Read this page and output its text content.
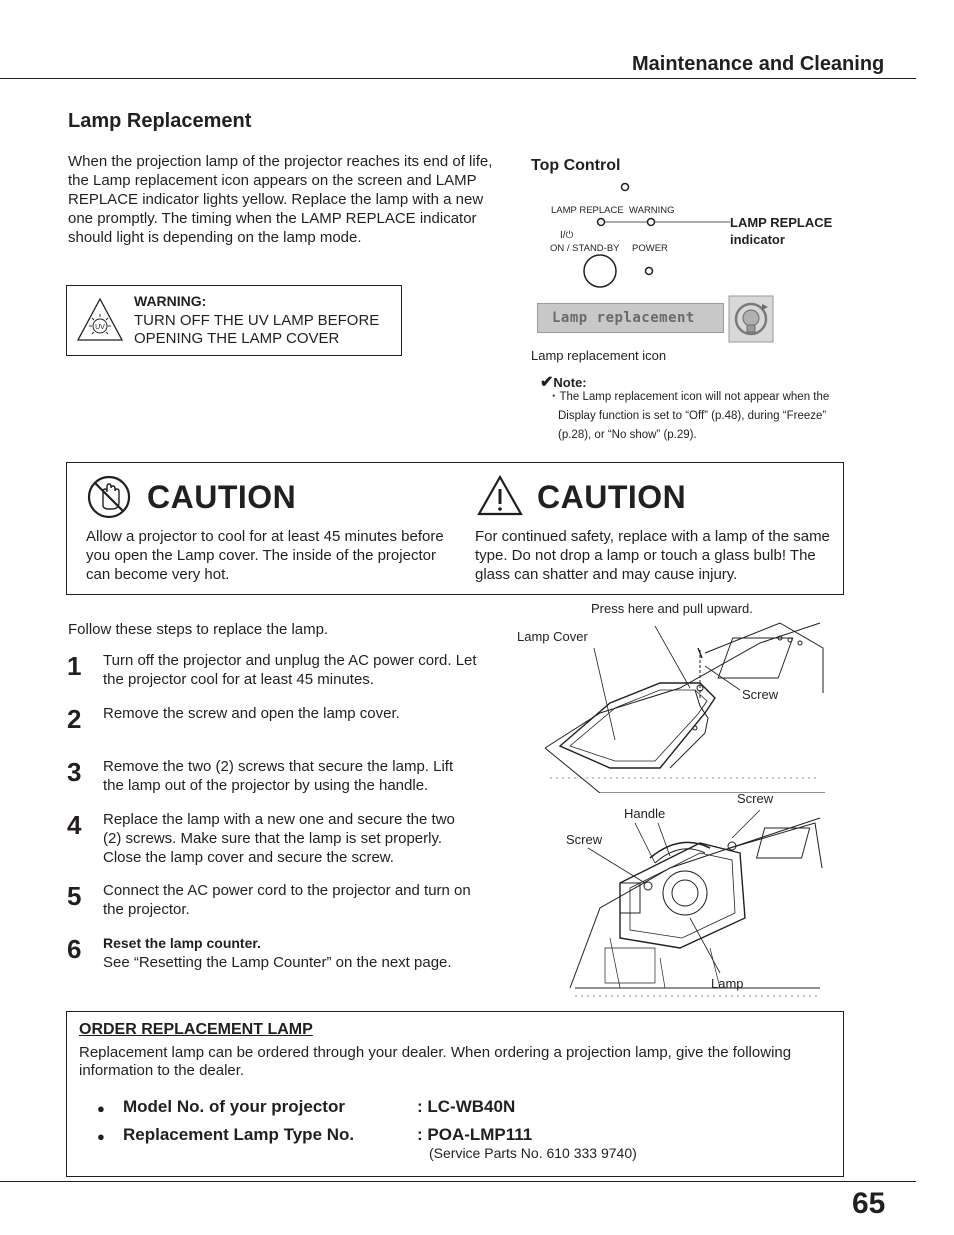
Maintenance and Cleaning
Lamp Replacement
When the projection lamp of the projector reaches its end of life, the Lamp replacement icon appears on the screen and LAMP REPLACE indicator lights yellow. Replace the lamp with a new one promptly. The timing when the LAMP REPLACE indicator should light is depending on the lamp mode.
UV
WARNING:
TURN OFF THE UV LAMP BEFORE
OPENING THE LAMP COVER
Top Control
LAMP REPLACE WARNING
I/⏻
ON / STAND-BY POWER
LAMP REPLACE
indicator
Lamp replacement
Lamp replacement icon
✔Note:
・The Lamp replacement icon will not appear when the
Display function is set to “Off” (p.48), during “Freeze”
(p.28), or “No show” (p.29).
CAUTION	CAUTION
Allow a projector to cool for at least 45 minutes before you open the Lamp cover. The inside of the projector can become very hot.
For continued safety, replace with a lamp of the same type. Do not drop a lamp or touch a glass bulb! The glass can shatter and may cause injury.
Follow these steps to replace the lamp.
1 Turn off the projector and unplug the AC power cord. Let the projector cool for at least 45 minutes.
2 Remove the screw and open the lamp cover.
3 Remove the two (2) screws that secure the lamp. Lift the lamp out of the projector by using the handle.
4 Replace the lamp with a new one and secure the two (2) screws. Make sure that the lamp is set properly. Close the lamp cover and secure the screw.
5 Connect the AC power cord to the projector and turn on the projector.
6 Reset the lamp counter.
See “Resetting the Lamp Counter” on the next page.
Press here and pull upward.
Lamp Cover
Screw
Screw
Handle
Screw
Lamp
ORDER REPLACEMENT LAMP
Replacement lamp can be ordered through your dealer. When ordering a projection lamp, give the following information to the dealer.
● Model No. of your projector	: LC-WB40N
● Replacement Lamp Type No.	: POA-LMP111
(Service Parts No. 610 333 9740)
65
